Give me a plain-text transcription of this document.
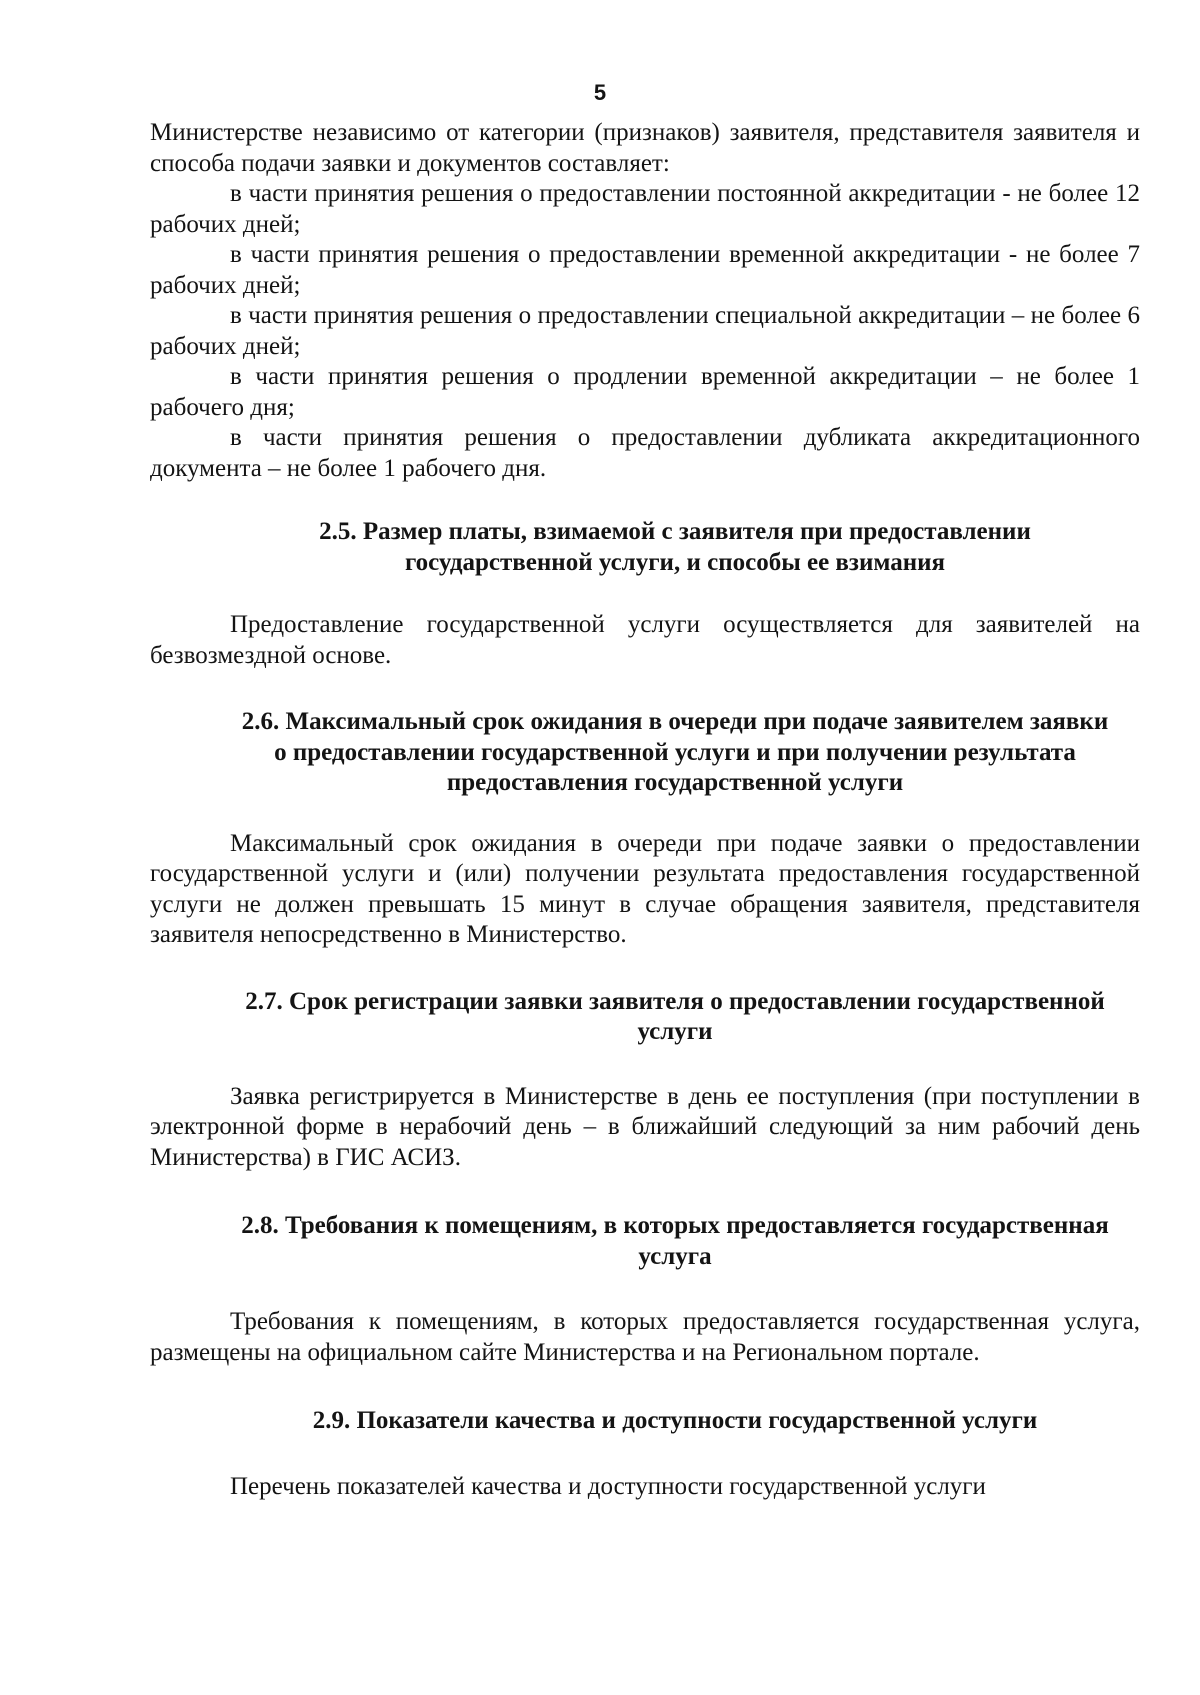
5

Министерстве независимо от категории (признаков) заявителя, представителя заявителя и способа подачи заявки и документов составляет:

в части принятия решения о предоставлении постоянной аккредитации - не более 12 рабочих дней;

в части принятия решения о предоставлении временной аккредитации - не более 7 рабочих дней;

в части принятия решения о предоставлении специальной аккредитации – не более 6 рабочих дней;

в части принятия решения о продлении временной аккредитации – не более 1 рабочего дня;

в части принятия решения о предоставлении дубликата аккредитационного документа – не более 1 рабочего дня.

2.5. Размер платы, взимаемой с заявителя при предоставлении государственной услуги, и способы ее взимания

Предоставление государственной услуги осуществляется для заявителей на безвозмездной основе.

2.6. Максимальный срок ожидания в очереди при подаче заявителем заявки о предоставлении государственной услуги и при получении результата предоставления государственной услуги

Максимальный срок ожидания в очереди при подаче заявки о предоставлении государственной услуги и (или) получении результата предоставления государственной услуги не должен превышать 15 минут в случае обращения заявителя, представителя заявителя непосредственно в Министерство.

2.7. Срок регистрации заявки заявителя о предоставлении государственной услуги

Заявка регистрируется в Министерстве в день ее поступления (при поступлении в электронной форме в нерабочий день – в ближайший следующий за ним рабочий день Министерства) в ГИС АСИЗ.

2.8. Требования к помещениям, в которых предоставляется государственная услуга

Требования к помещениям, в которых предоставляется государственная услуга, размещены на официальном сайте Министерства и на Региональном портале.

2.9. Показатели качества и доступности государственной услуги

Перечень показателей качества и доступности государственной услуги
